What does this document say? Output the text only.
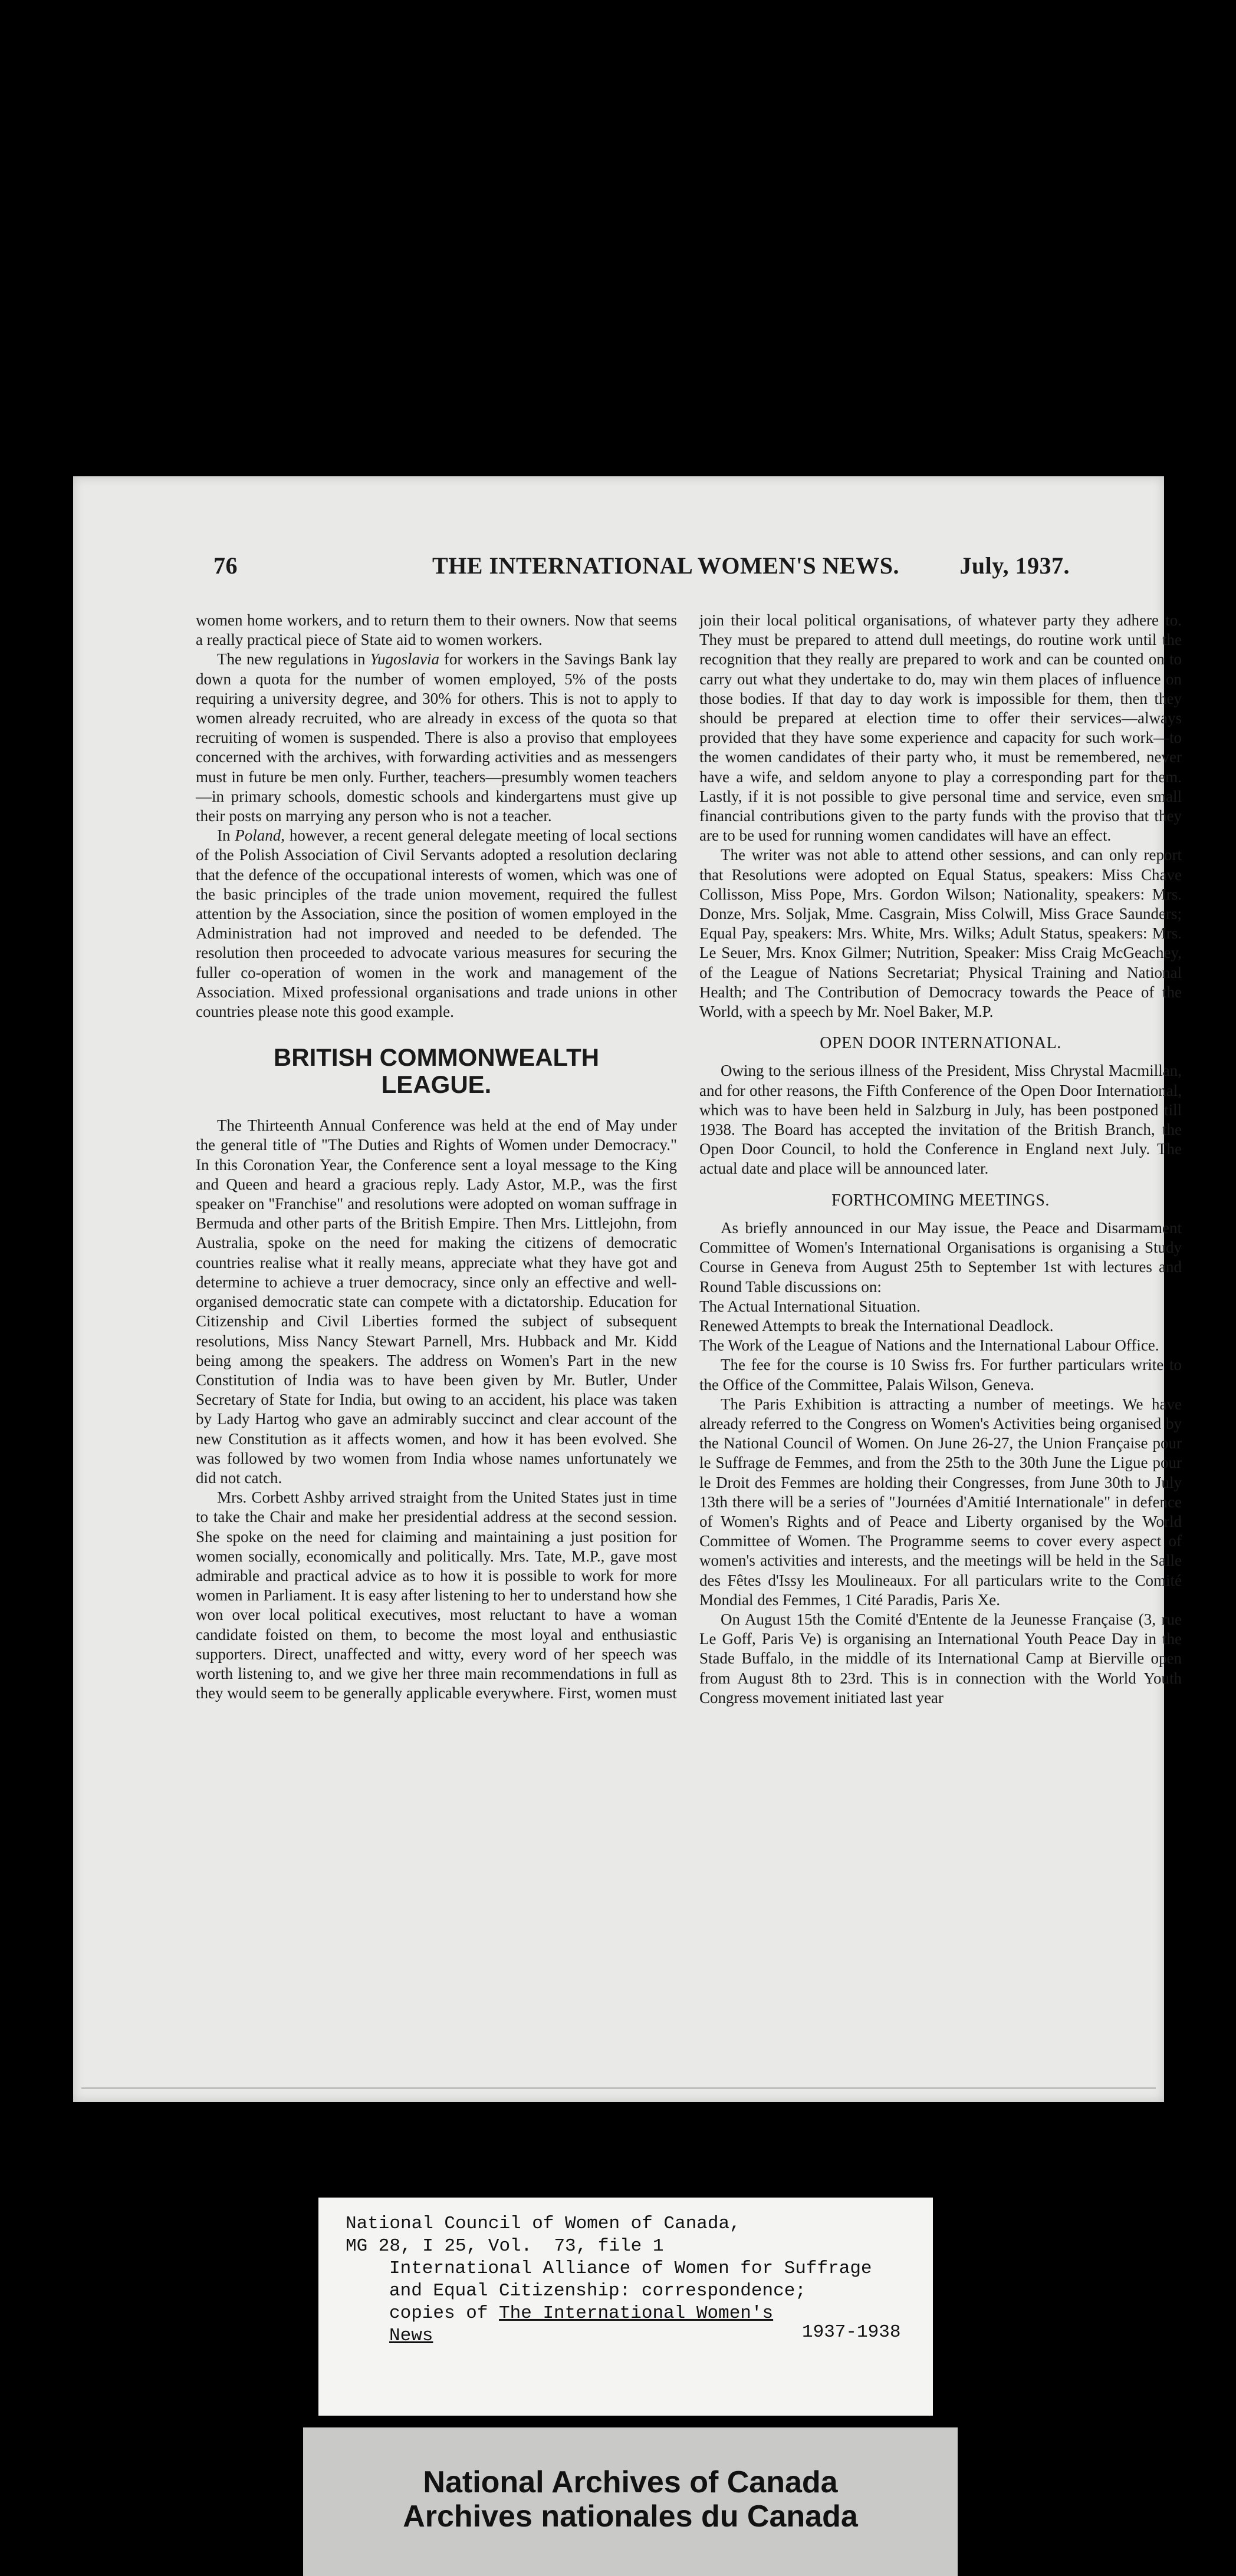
76	THE INTERNATIONAL WOMEN'S NEWS.	July, 1937.

women home workers, and to return them to their owners. Now that seems a really practical piece of State aid to women workers.

The new regulations in Yugoslavia for workers in the Savings Bank lay down a quota for the number of women employed, 5% of the posts requiring a university degree, and 30% for others. This is not to apply to women already recruited, who are already in excess of the quota so that recruiting of women is suspended. There is also a proviso that employees concerned with the archives, with forwarding activities and as messengers must in future be men only. Further, teachers—presumbly women teachers—in primary schools, domestic schools and kindergartens must give up their posts on marrying any person who is not a teacher.

In Poland, however, a recent general delegate meeting of local sections of the Polish Association of Civil Servants adopted a resolution declaring that the defence of the occupational interests of women, which was one of the basic principles of the trade union movement, required the fullest attention by the Association, since the position of women employed in the Administration had not improved and needed to be defended. The resolution then proceeded to advocate various measures for securing the fuller co-operation of women in the work and management of the Association. Mixed professional organisations and trade unions in other countries please note this good example.

BRITISH COMMONWEALTH
LEAGUE.

The Thirteenth Annual Conference was held at the end of May under the general title of "The Duties and Rights of Women under Democracy." In this Coronation Year, the Conference sent a loyal message to the King and Queen and heard a gracious reply. Lady Astor, M.P., was the first speaker on "Franchise" and resolutions were adopted on woman suffrage in Bermuda and other parts of the British Empire. Then Mrs. Littlejohn, from Australia, spoke on the need for making the citizens of democratic countries realise what it really means, appreciate what they have got and determine to achieve a truer democracy, since only an effective and well-organised democratic state can compete with a dictatorship. Education for Citizenship and Civil Liberties formed the subject of subsequent resolutions, Miss Nancy Stewart Parnell, Mrs. Hubback and Mr. Kidd being among the speakers. The address on Women's Part in the new Constitution of India was to have been given by Mr. Butler, Under Secretary of State for India, but owing to an accident, his place was taken by Lady Hartog who gave an admirably succinct and clear account of the new Constitution as it affects women, and how it has been evolved. She was followed by two women from India whose names unfortunately we did not catch.

Mrs. Corbett Ashby arrived straight from the United States just in time to take the Chair and make her presidential address at the second session. She spoke on the need for claiming and maintaining a just position for women socially, economically and politically. Mrs. Tate, M.P., gave most admirable and practical advice as to how it is possible to work for more women in Parliament. It is easy after listening to her to understand how she won over local political executives, most reluctant to have a woman candidate foisted on them, to become the most loyal and enthusiastic supporters. Direct, unaffected and witty, every word of her speech was worth listening to, and we give her three main recommendations in full as they would seem to be generally applicable everywhere. First, women must

join their local political organisations, of whatever party they adhere to. They must be prepared to attend dull meetings, do routine work until the recognition that they really are prepared to work and can be counted on to carry out what they undertake to do, may win them places of influence on those bodies. If that day to day work is impossible for them, then they should be prepared at election time to offer their services—always provided that they have some experience and capacity for such work—to the women candidates of their party who, it must be remembered, never have a wife, and seldom anyone to play a corresponding part for them. Lastly, if it is not possible to give personal time and service, even small financial contributions given to the party funds with the proviso that they are to be used for running women candidates will have an effect.

The writer was not able to attend other sessions, and can only report that Resolutions were adopted on Equal Status, speakers: Miss Chave Collisson, Miss Pope, Mrs. Gordon Wilson; Nationality, speakers: Mrs. Donze, Mrs. Soljak, Mme. Casgrain, Miss Colwill, Miss Grace Saunders; Equal Pay, speakers: Mrs. White, Mrs. Wilks; Adult Status, speakers: Mrs. Le Seuer, Mrs. Knox Gilmer; Nutrition, Speaker: Miss Craig McGeachey, of the League of Nations Secretariat; Physical Training and National Health; and The Contribution of Democracy towards the Peace of the World, with a speech by Mr. Noel Baker, M.P.

OPEN DOOR INTERNATIONAL.

Owing to the serious illness of the President, Miss Chrystal Macmillan, and for other reasons, the Fifth Conference of the Open Door International, which was to have been held in Salzburg in July, has been postponed till 1938. The Board has accepted the invitation of the British Branch, the Open Door Council, to hold the Conference in England next July. The actual date and place will be announced later.

FORTHCOMING MEETINGS.

As briefly announced in our May issue, the Peace and Disarmament Committee of Women's International Organisations is organising a Study Course in Geneva from August 25th to September 1st with lectures and Round Table discussions on:

The Actual International Situation.

Renewed Attempts to break the International Deadlock.

The Work of the League of Nations and the International Labour Office.

The fee for the course is 10 Swiss frs. For further particulars write to the Office of the Committee, Palais Wilson, Geneva.

The Paris Exhibition is attracting a number of meetings. We have already referred to the Congress on Women's Activities being organised by the National Council of Women. On June 26-27, the Union Française pour le Suffrage de Femmes, and from the 25th to the 30th June the Ligue pour le Droit des Femmes are holding their Congresses, from June 30th to July 13th there will be a series of "Journées d'Amitié Internationale" in defence of Women's Rights and of Peace and Liberty organised by the World Committee of Women. The Programme seems to cover every aspect of women's activities and interests, and the meetings will be held in the Salle des Fêtes d'Issy les Moulineaux. For all particulars write to the Comité Mondial des Femmes, 1 Cité Paradis, Paris Xe.

On August 15th the Comité d'Entente de la Jeunesse Française (3, rue Le Goff, Paris Ve) is organising an International Youth Peace Day in the Stade Buffalo, in the middle of its International Camp at Bierville open from August 8th to 23rd. This is in connection with the World Youth Congress movement initiated last year

National Council of Women of Canada,
MG 28, I 25, Vol.  73, file 1
International Alliance of Women for Suffrage
and Equal Citizenship: correspondence;
copies of The International Women's
News	1937-1938
National Archives of Canada
Archives nationales du Canada
